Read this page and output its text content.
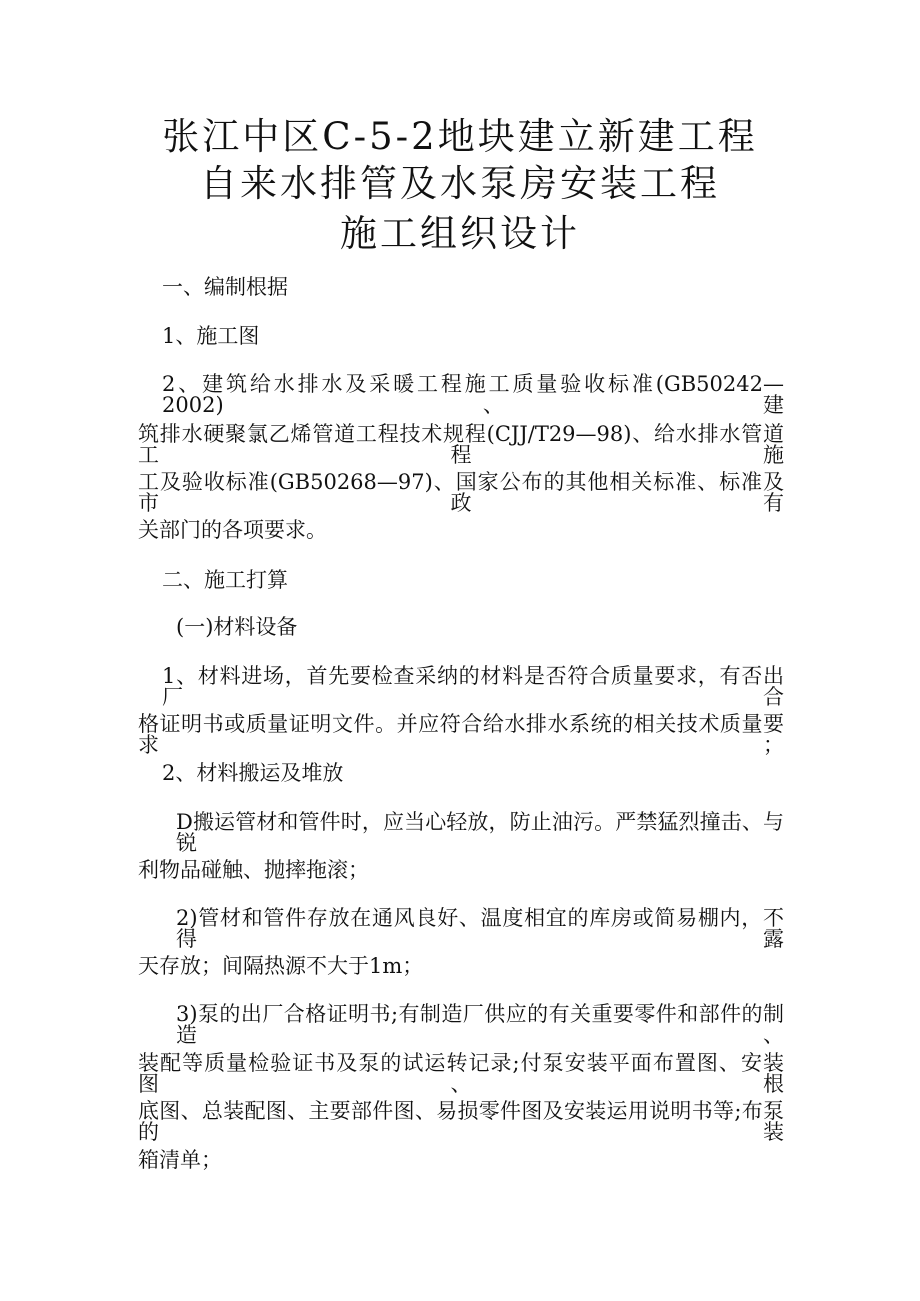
张江中区C-5-2地块建立新建工程
自来水排管及水泵房安装工程
施工组织设计

一、编制根据

1、施工图

2、建筑给水排水及采暖工程施工质量验收标准(GB50242—2002)、建

筑排水硬聚氯乙烯管道工程技术规程(CJJ/T29—98)、给水排水管道工程施

工及验收标准(GB50268—97)、国家公布的其他相关标准、标准及市政有

关部门的各项要求。

二、施工打算

(一)材料设备

1、材料进场，首先要检查采纳的材料是否符合质量要求，有否出厂合

格证明书或质量证明文件。并应符合给水排水系统的相关技术质量要求；

2、材料搬运及堆放

D搬运管材和管件时，应当心轻放，防止油污。严禁猛烈撞击、与锐

利物品碰触、抛摔拖滚；

2)管材和管件存放在通风良好、温度相宜的库房或简易棚内，不得露

天存放；间隔热源不大于1m；

3)泵的出厂合格证明书;有制造厂供应的有关重要零件和部件的制造、

装配等质量检验证书及泵的试运转记录;付泵安装平面布置图、安装图、根

底图、总装配图、主要部件图、易损零件图及安装运用说明书等;布泵的装

箱清单；
